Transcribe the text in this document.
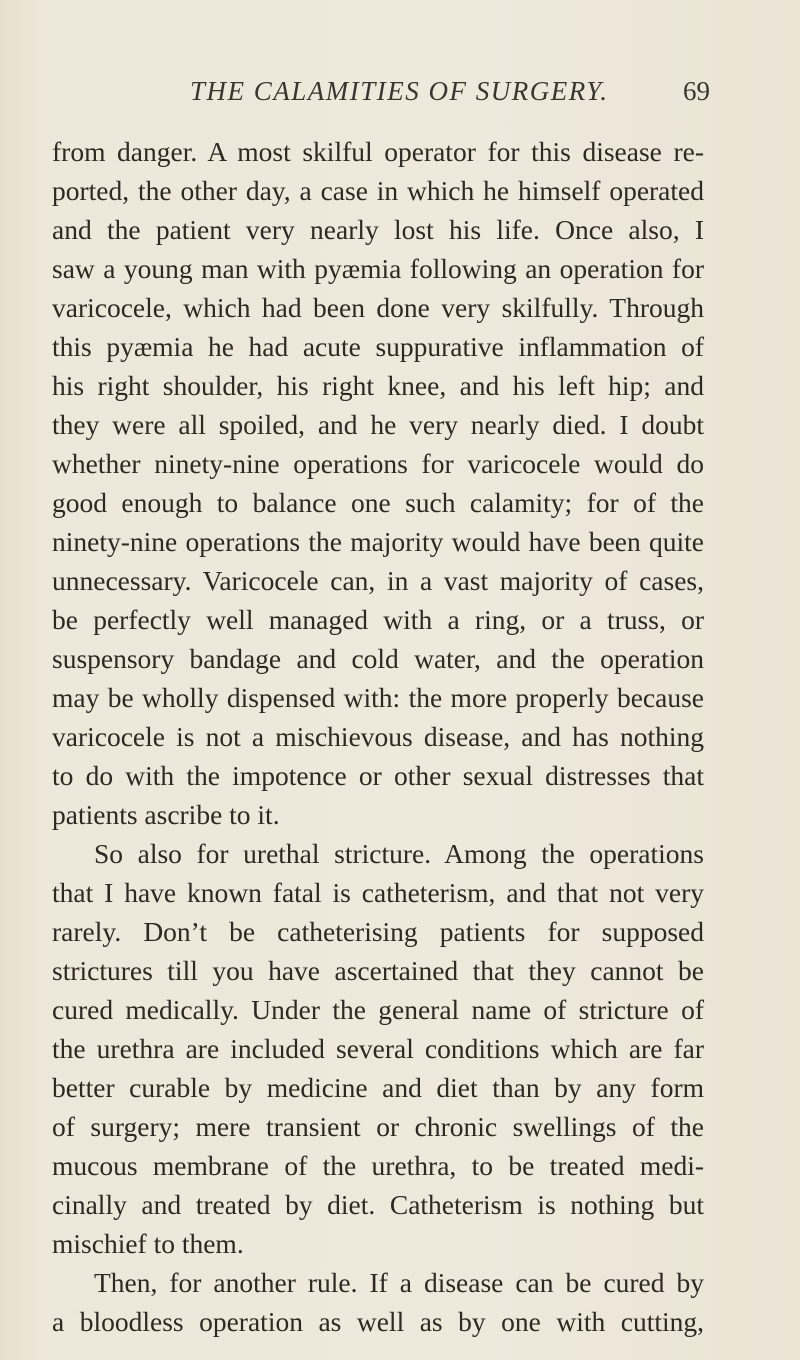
THE CALAMITIES OF SURGERY.	69
from danger. A most skilful operator for this disease re-
ported, the other day, a case in which he himself operated
and the patient very nearly lost his life. Once also, I
saw a young man with pyæmia following an operation for
varicocele, which had been done very skilfully. Through
this pyæmia he had acute suppurative inflammation of
his right shoulder, his right knee, and his left hip; and
they were all spoiled, and he very nearly died. I doubt
whether ninety-nine operations for varicocele would do
good enough to balance one such calamity; for of the
ninety-nine operations the majority would have been quite
unnecessary. Varicocele can, in a vast majority of cases,
be perfectly well managed with a ring, or a truss, or
suspensory bandage and cold water, and the operation
may be wholly dispensed with: the more properly because
varicocele is not a mischievous disease, and has nothing
to do with the impotence or other sexual distresses that
patients ascribe to it.
So also for urethal stricture. Among the operations
that I have known fatal is catheterism, and that not very
rarely. Don’t be catheterising patients for supposed
strictures till you have ascertained that they cannot be
cured medically. Under the general name of stricture of
the urethra are included several conditions which are far
better curable by medicine and diet than by any form
of surgery; mere transient or chronic swellings of the
mucous membrane of the urethra, to be treated medi-
cinally and treated by diet. Catheterism is nothing but
mischief to them.
Then, for another rule. If a disease can be cured by
a bloodless operation as well as by one with cutting,
